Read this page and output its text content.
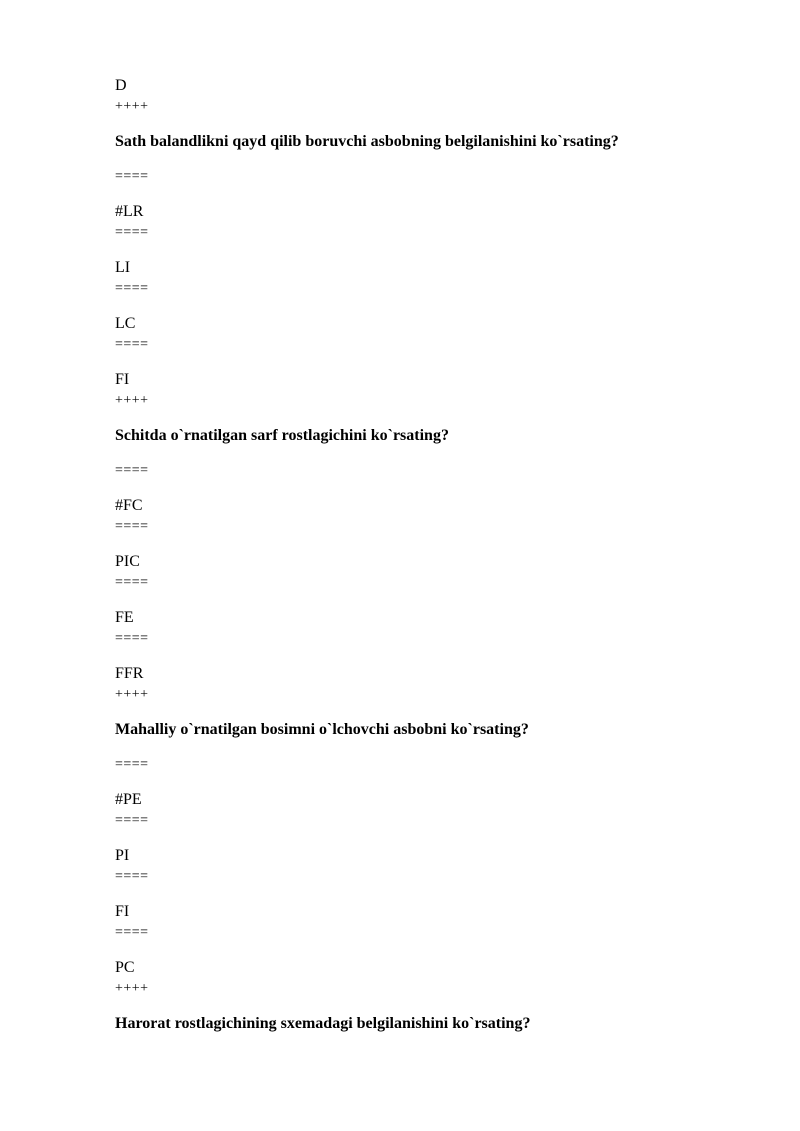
D
++++
Sath balandlikni qayd qilib boruvchi asbobning belgilanishini ko`rsating?
====
#LR
====
LI
====
LC
====
FI
++++
Schitda o`rnatilgan sarf rostlagichini ko`rsating?
====
#FC
====
PIC
====
FE
====
FFR
++++
Mahalliy o`rnatilgan bosimni o`lchovchi asbobni ko`rsating?
====
#PE
====
PI
====
FI
====
PC
++++
Harorat rostlagichining sxemadagi belgilanishini ko`rsating?
